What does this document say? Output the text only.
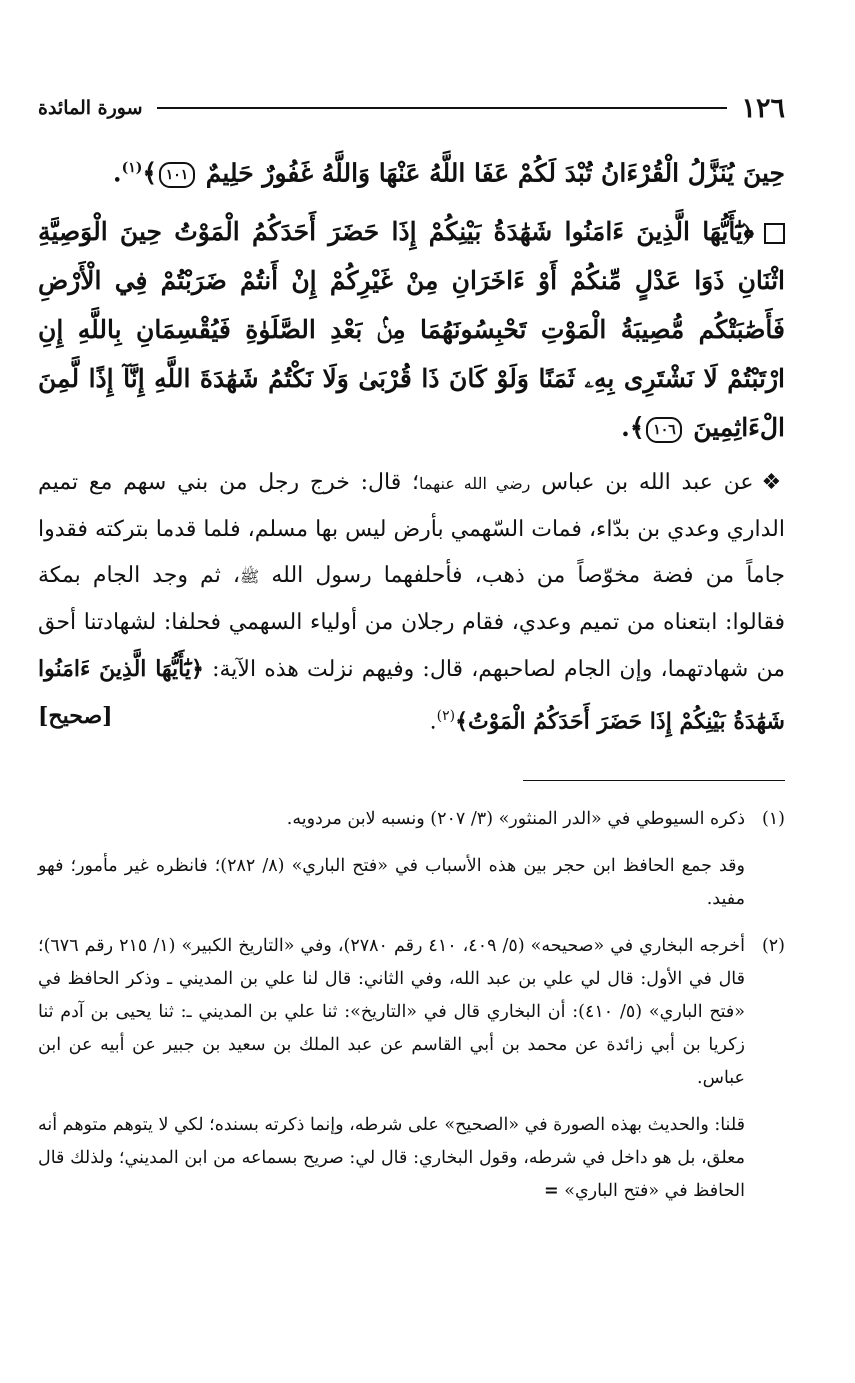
١٢٦
سورة المائدة
حِينَ يُنَزَّلُ الْقُرْءَانُ تُبْدَ لَكُمْ عَفَا اللَّهُ عَنْهَا وَاللَّهُ غَفُورٌ حَلِيمٌ ١٠١﴾$^{(١)}$.
﴿يَٰٓأَيُّهَا الَّذِينَ ءَامَنُوا شَهَٰدَةُ بَيْنِكُمْ إِذَا حَضَرَ أَحَدَكُمُ الْمَوْتُ حِينَ الْوَصِيَّةِ اثْنَانِ ذَوَا عَدْلٍ مِّنكُمْ أَوْ ءَاخَرَانِ مِنْ غَيْرِكُمْ إِنْ أَنتُمْ ضَرَبْتُمْ فِي الْأَرْضِ فَأَصَٰبَتْكُم مُّصِيبَةُ الْمَوْتِ تَحْبِسُونَهُمَا مِنۢ بَعْدِ الصَّلَوٰةِ فَيُقْسِمَانِ بِاللَّهِ إِنِ ارْتَبْتُمْ لَا نَشْتَرِى بِهِۦ ثَمَنًا وَلَوْ كَانَ ذَا قُرْبَىٰ وَلَا نَكْتُمُ شَهَٰدَةَ اللَّهِ إِنَّآ إِذًا لَّمِنَ الْءَاثِمِينَ ١٠٦﴾.
❖عن عبد الله بن عباس رضي الله عنهما؛ قال: خرج رجل من بني سهم مع تميم الداري وعدي بن بدّاء، فمات السّهمي بأرض ليس بها مسلم، فلما قدما بتركته فقدوا جاماً من فضة مخوّصاً من ذهب، فأحلفهما رسول الله ﷺ، ثم وجد الجام بمكة فقالوا: ابتعناه من تميم وعدي، فقام رجلان من أولياء السهمي فحلفا: لشهادتنا أحق من شهادتهما، وإن الجام لصاحبهم، قال: وفيهم نزلت هذه الآية: ﴿يَٰٓأَيُّهَا الَّذِينَ ءَامَنُوا شَهَٰدَةُ بَيْنِكُمْ إِذَا حَضَرَ أَحَدَكُمُ الْمَوْتُ﴾$^{(٢)}$.
[صحيح]
(١)

ذكره السيوطي في «الدر المنثور» (٣/ ٢٠٧) ونسبه لابن مردويه.

وقد جمع الحافظ ابن حجر بين هذه الأسباب في «فتح الباري» (٨/ ٢٨٢)؛ فانظره غير مأمور؛ فهو مفيد.

(٢)

أخرجه البخاري في «صحيحه» (٥/ ٤٠٩، ٤١٠ رقم ٢٧٨٠)، وفي «التاريخ الكبير» (١/ ٢١٥ رقم ٦٧٦)؛ قال في الأول: قال لي علي بن عبد الله، وفي الثاني: قال لنا علي بن المديني ـ وذكر الحافظ في «فتح الباري» (٥/ ٤١٠): أن البخاري قال في «التاريخ»: ثنا علي بن المديني ـ: ثنا يحيى بن آدم ثنا زكريا بن أبي زائدة عن محمد بن أبي القاسم عن عبد الملك بن سعيد بن جبير عن أبيه عن ابن عباس.

قلنا: والحديث بهذه الصورة في «الصحيح» على شرطه، وإنما ذكرته بسنده؛ لكي لا يتوهم متوهم أنه معلق، بل هو داخل في شرطه، وقول البخاري: قال لي: صريح بسماعه من ابن المديني؛ ولذلك قال الحافظ في «فتح الباري» =
